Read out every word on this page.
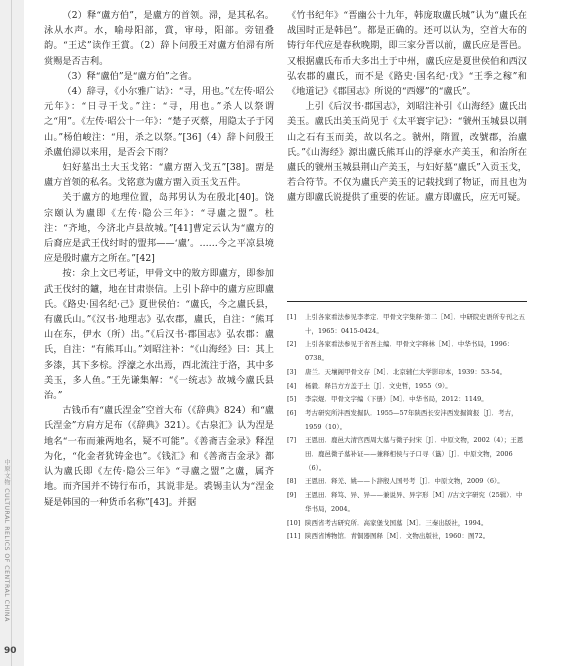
中原文物 CULTURAL RELICS OF CENTRAL CHINA
90

（2）释“盧方伯”，是盧方的首领。㴆，是其私名。泳从水声。水，喻母阳部，賞，审母，阳部。旁钮叠韵。“王迖”读作王賞。（2）辞卜问殷王对盧方伯㴆有所赏赐是否吉利。

（3）释“盧伯”是“盧方伯”之省。

（4）辞寻，《小尔雅广诂》：“寻，用也。”《左传·昭公元年》：“日寻干戈。”注：“寻，用也。”杀人以祭谓之“用”。《左传·昭公十一年》：“楚子灭蔡，用隐太子于冈山。”杨伯峻注：“用，杀之以祭。”[36]（4）辞卜问殷王杀盧伯㴆以来用，是否会下雨？

妇好墓出土大玉戈铭：“盧方畱入戈五”[38]。畱是盧方首领的私名。戈铭意为盧方畱入贡玉戈五件。

关于盧方的地理位置，岛邦男认为在殷北[40]。饶宗颐认为盧即《左传·隐公三年》：“寻盧之盟”。杜注：“齐地，今济北卢县故城。”[41]曹定云认为“盧方的后裔应是武王伐纣时的盟邦——‘盧’。……今之平凉县境应是殷时盧方之所在。”[42]

按：余上文已考证，甲骨文中的㪇方即盧方，即参加武王伐纣的鑪，地在甘肃崇信。上引卜辞中的盧方应即盧氏。《路史·国名纪·己》夏世侯伯：“盧氏，今之盧氏县，有盧氏山。”《汉书·地理志》弘农郡，盧氏，自注：“熊耳山在东，伊水（所）出。”《后汉书·郡国志》弘农郡：盧氏，自注：“有熊耳山。”刘昭注补：“《山海经》曰：其上多漆，其下多棕。浮濠之水出焉，西北流注于洛，其中多美玉，多人鱼。”王先谦集解：“《一统志》故城今盧氏县治。”

古钱币有“盧氏涅金”空首大布（《辞典》824）和“盧氏涅金”方肩方足布（《辞典》321）。《古泉汇》认为涅是地名“一布而兼两地名，疑不可能”。《善斋吉金录》释涅为化，“化金者犹铸金也”。《钱汇》和《善斋吉金录》都认为盧氏即《左传·隐公三年》“寻盧之盟”之盧，属齐地。而齐国并不铸行布币，其说非是。裘锡圭认为“涅金疑是韩国的一种货币名称”[43]。并据

《竹书纪年》“晋幽公十九年，韩庞取盧氏城”认为“盧氏在战国时正是韩邑”。都是正确的。还可以认为，空首大布的铸行年代应是春秋晚期，即三家分晋以前，盧氏应是晋邑。又根据盧氏布币大多出土于中州，盧氏应是夏世侯伯和西汉弘农郡的盧氏，而不是《路史·国名纪·戊》“王季之稼”和《地道记》《郡国志》所说的“西嫪”的“盧氏”。

上引《后汉书·郡国志》，刘昭注补引《山海经》盧氏出美玉。盧氏出美玉尚见于《太平寰宇记》：“虢州玉城县以荆山之石有玉而美，故以名之。虢州，隋置，改號郡，治盧氏。”《山海经》源出盧氏熊耳山的浮豪水产美玉，和治所在盧氏的虢州玉城县荆山产美玉，与妇好墓“盧氏”入贡玉戈，若合符节。不仅为盧氏产美玉的记载找到了物证，而且也为盧方即盧氏说提供了重要的佐证。盧方即盧氏，应无可疑。

[1]	上引各家看法参见李孝定．甲骨文字集释·第二［M］．中研院史语所专刊之五十，1965：0415-0424。
[2]	上引各家看法参见于省吾主编．甲骨文字释林［M］．中华书局，1996：0738。
[3]	唐兰．天壤阁甲骨文存［M］．北京辅仁大学影印本，1939：53-54。
[4]	杨毅．释吕方方盖于土［J］．文史哲，1955（9）。
[5]	李宗焜．甲骨文字编（下册）［M］．中华书局，2012：1149。
[6]	考古研究所沣西发掘队．1955—57年陕西长安沣西发掘简报［J］．考古，1959（10）。
[7]	王恩田．鹿邑大清宫西周大墓与微子封宋［J］．中原文物，2002（4）；王恩田．鹿邑微子墓补证——兼释相侯与子口寻（簋）［J］．中原文物，2006（6）。
[8]	王恩田．释羌、姚——卜辞殷人国号考［J］．中原文物，2009（6）。
[9]	王恩田．释笃、异、异——兼说异、异字形［M］//古文字研究（25辑）．中华书局，2004。
[10] 陕西省考古研究所．高家堡戈国墓［M］．三秦出版社，1994。
[11] 陕西省博物馆．青铜器图释［M］．文物出版社，1960：图72。
